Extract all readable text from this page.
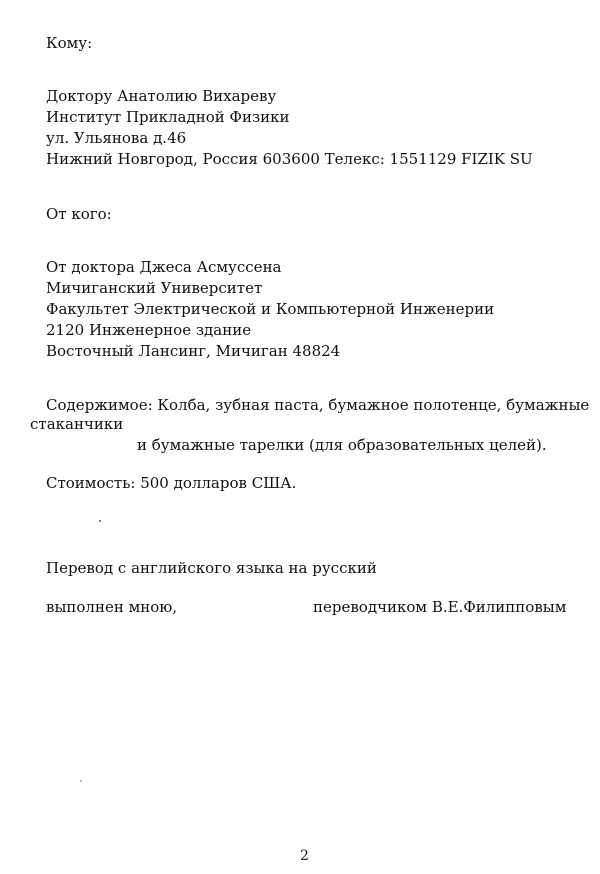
Кому:
Доктору Анатолию Вихареву
Институт Прикладной Физики
ул. Ульянова д.46
Нижний Новгород, Россия 603600 Телекс: 1551129 FIZIK SU
От кого:
От доктора Джеса Асмуссена
Мичиганский Университет
Факультет Электрической и Компьютерной Инженерии
2120 Инженерное здание
Восточный Лансинг, Мичиган 48824
Содержимое: Колба, зубная паста, бумажное полотенце, бумажные
стаканчики
и бумажные тарелки (для образовательных целей).
Стоимость: 500 долларов США.
Перевод с английского языка на русский
выполнен мною,	переводчиком В.Е.Филипповым
2
